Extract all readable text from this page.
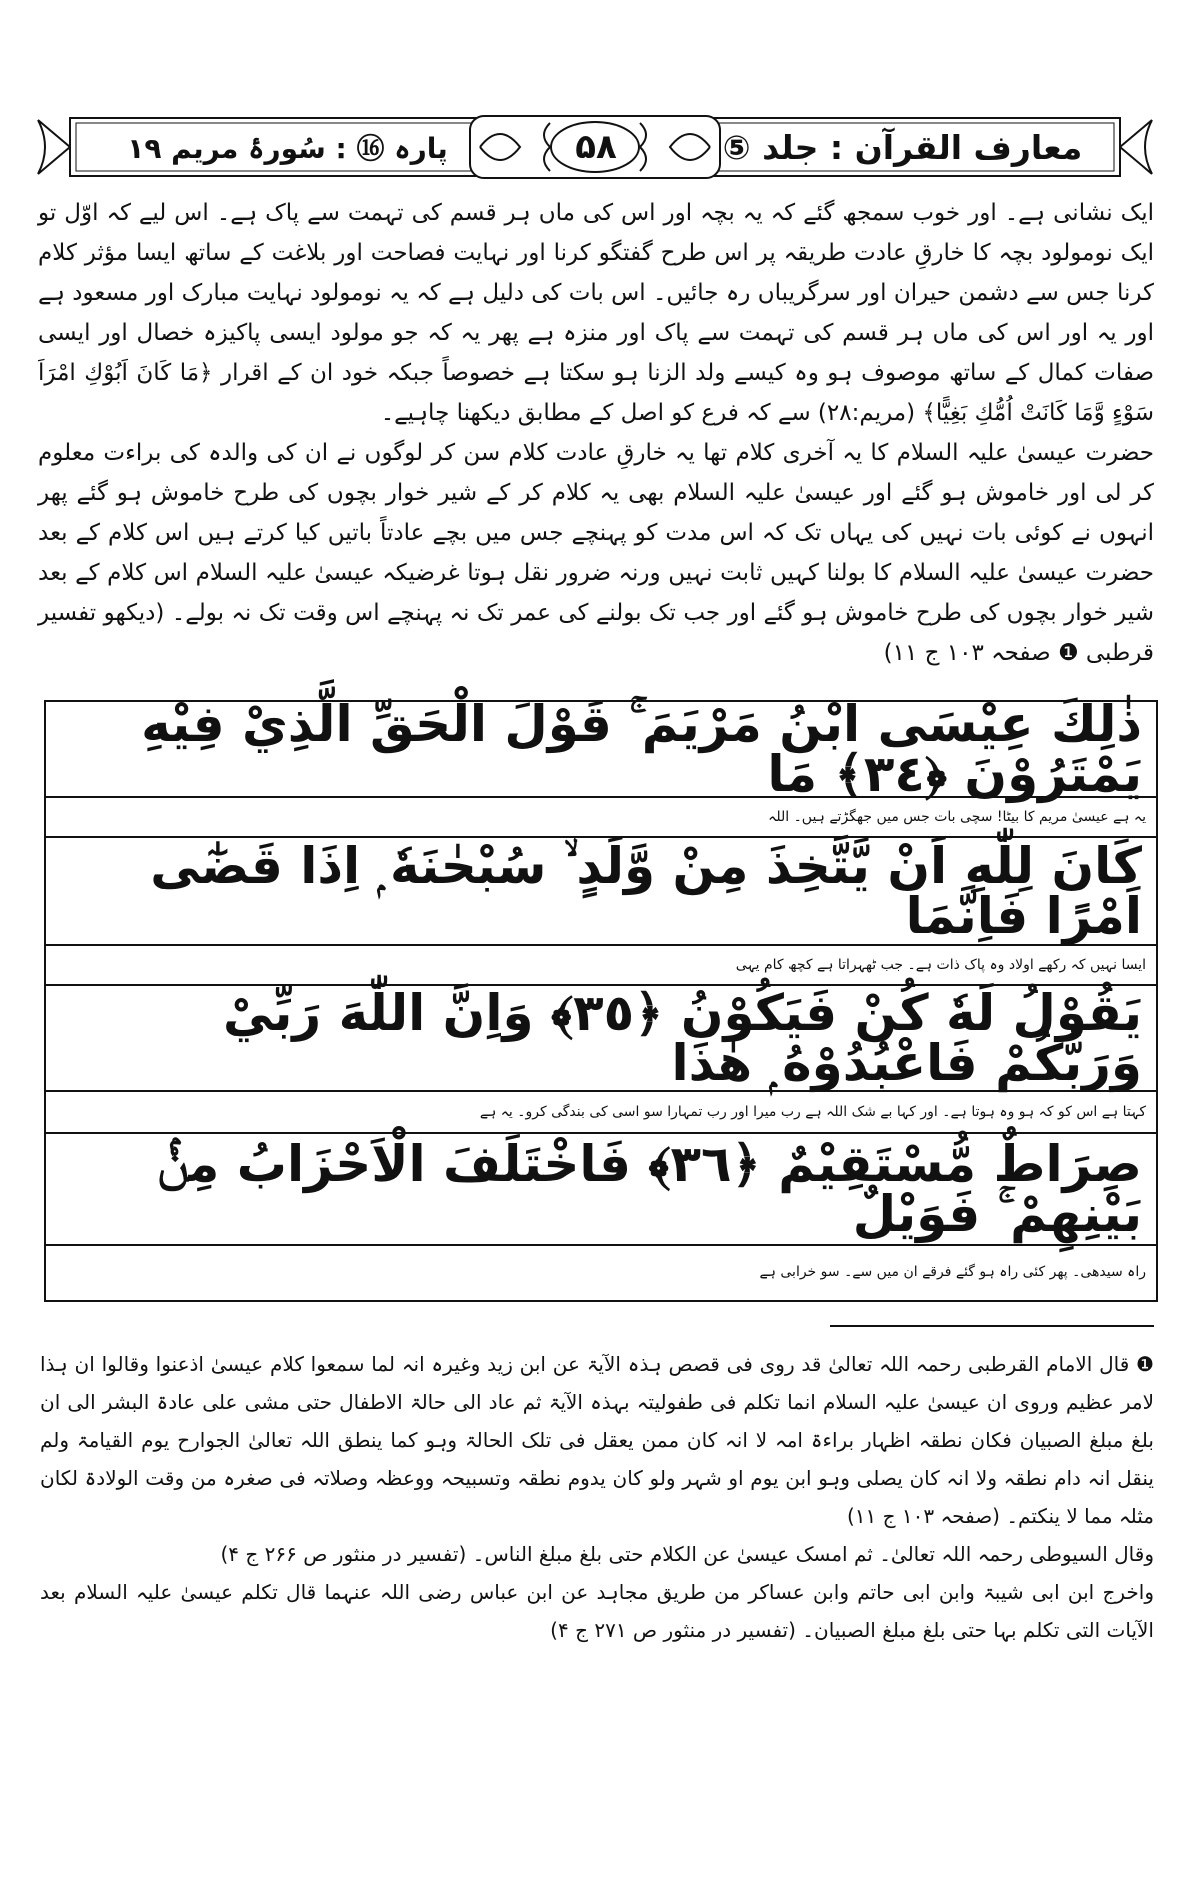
معارف القرآن : جلد ⑤
۵۸
پارہ ⑯ : سُورۂ مریم ۱۹

ایک نشانی ہے۔ اور خوب سمجھ گئے کہ یہ بچہ اور اس کی ماں ہر قسم کی تہمت سے پاک ہے۔ اس لیے کہ اوّل تو ایک نومولود بچہ کا خارقِ عادت طریقہ پر اس طرح گفتگو کرنا اور نہایت فصاحت اور بلاغت کے ساتھ ایسا مؤثر کلام کرنا جس سے دشمن حیران اور سرگریباں رہ جائیں۔ اس بات کی دلیل ہے کہ یہ نومولود نہایت مبارک اور مسعود ہے اور یہ اور اس کی ماں ہر قسم کی تہمت سے پاک اور منزہ ہے پھر یہ کہ جو مولود ایسی پاکیزہ خصال اور ایسی صفات کمال کے ساتھ موصوف ہو وہ کیسے ولد الزنا ہو سکتا ہے خصوصاً جبکہ خود ان کے اقرار ﴿مَا كَانَ اَبُوْكِ امْرَاَ سَوْءٍ وَّمَا كَانَتْ اُمُّكِ بَغِيًّا﴾ (مریم:۲۸) سے کہ فرع کو اصل کے مطابق دیکھنا چاہیے۔

حضرت عیسیٰ علیہ السلام کا یہ آخری کلام تھا یہ خارقِ عادت کلام سن کر لوگوں نے ان کی والدہ کی براءت معلوم کر لی اور خاموش ہو گئے اور عیسیٰ علیہ السلام بھی یہ کلام کر کے شیر خوار بچوں کی طرح خاموش ہو گئے پھر انہوں نے کوئی بات نہیں کی یہاں تک کہ اس مدت کو پہنچے جس میں بچے عادتاً باتیں کیا کرتے ہیں اس کلام کے بعد حضرت عیسیٰ علیہ السلام کا بولنا کہیں ثابت نہیں ورنہ ضرور نقل ہوتا غرضیکہ عیسیٰ علیہ السلام اس کلام کے بعد شیر خوار بچوں کی طرح خاموش ہو گئے اور جب تک بولنے کی عمر تک نہ پہنچے اس وقت تک نہ بولے۔ (دیکھو تفسیر قرطبی ❶ صفحہ ۱۰۳ ج ۱۱)

ذٰلِكَ عِيْسَى ابْنُ مَرْيَمَ ۚ قَوْلَ الْحَقِّ الَّذِيْ فِيْهِ يَمْتَرُوْنَ ﴿٣٤﴾ مَا
یہ ہے عیسیٰ مریم کا بیٹا! سچی بات جس میں جھگڑتے ہیں۔ اللہ
كَانَ لِلّٰهِ اَنْ يَّتَّخِذَ مِنْ وَّلَدٍ ۙ سُبْحٰنَهٗ ۭ اِذَا قَضٰٓى اَمْرًا فَاِنَّمَا
ایسا نہیں کہ رکھے اولاد وہ پاک ذات ہے۔ جب ٹھہراتا ہے کچھ کام یہی
يَقُوْلُ لَهٗ كُنْ فَيَكُوْنُ ﴿٣٥﴾ وَاِنَّ اللّٰهَ رَبِّيْ وَرَبُّكُمْ فَاعْبُدُوْهُ ۭ هٰذَا
کہتا ہے اس کو کہ ہو وہ ہوتا ہے۔ اور کہا بے شک اللہ ہے رب میرا اور رب تمہارا سو اسی کی بندگی کرو۔ یہ ہے
صِرَاطٌ مُّسْتَقِيْمٌ ﴿٣٦﴾ فَاخْتَلَفَ الْاَحْزَابُ مِنْۢ بَيْنِهِمْ ۚ فَوَيْلٌ
راہ سیدھی۔ پھر کئی راہ ہو گئے فرقے ان میں سے۔ سو خرابی ہے

❶ قال الامام القرطبی رحمہ اللہ تعالیٰ قد روی فی قصص ہذہ الآیۃ عن ابن زید وغیرہ انہ لما سمعوا کلام عیسیٰ اذعنوا وقالوا ان ہذا لامر عظیم وروی ان عیسیٰ علیہ السلام انما تکلم فی طفولیتہ بہذہ الآیۃ ثم عاد الی حالۃ الاطفال حتی مشی علی عادۃ البشر الی ان بلغ مبلغ الصبیان فکان نطقہ اظہار براءۃ امہ لا انہ کان ممن یعقل فی تلک الحالۃ وہو کما ینطق اللہ تعالیٰ الجوارح یوم القیامۃ ولم ینقل انہ دام نطقہ ولا انہ کان یصلی وہو ابن یوم او شہر ولو کان یدوم نطقہ وتسبیحہ ووعظہ وصلاتہ فی صغرہ من وقت الولادۃ لکان مثلہ مما لا ینکتم۔ (صفحہ ۱۰۳ ج ۱۱)

وقال السیوطی رحمہ اللہ تعالیٰ۔ ثم امسک عیسیٰ عن الکلام حتی بلغ مبلغ الناس۔ (تفسیر در منثور ص ۲۶۶ ج ۴)

واخرج ابن ابی شیبۃ وابن ابی حاتم وابن عساکر من طریق مجاہد عن ابن عباس رضی اللہ عنہما قال تکلم عیسیٰ علیہ السلام بعد الآیات التی تکلم بہا حتی بلغ مبلغ الصبیان۔ (تفسیر در منثور ص ۲۷۱ ج ۴)
